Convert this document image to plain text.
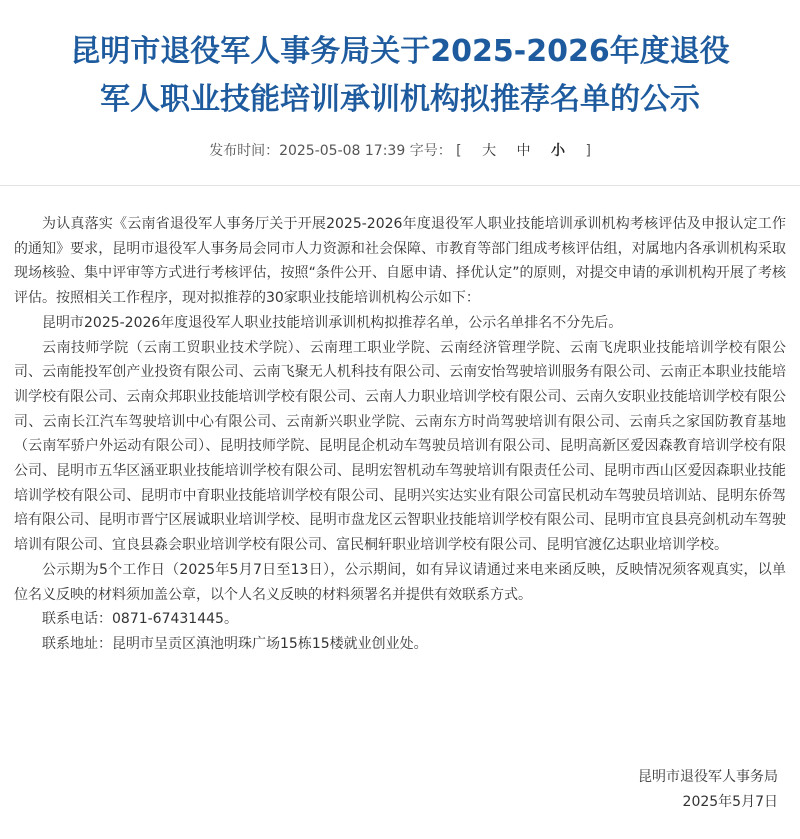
昆明市退役军人事务局关于2025-2026年度退役
军人职业技能培训承训机构拟推荐名单的公示
发布时间：2025-05-08 17:39 字号： [ 大 中 小 ]

为认真落实《云南省退役军人事务厅关于开展2025-2026年度退役军人职业技能培训承训机构考核评估及申报认定工作的通知》要求，昆明市退役军人事务局会同市人力资源和社会保障、市教育等部门组成考核评估组，对属地内各承训机构采取现场核验、集中评审等方式进行考核评估，按照“条件公开、自愿申请、择优认定”的原则，对提交申请的承训机构开展了考核评估。按照相关工作程序，现对拟推荐的30家职业技能培训机构公示如下：

昆明市2025-2026年度退役军人职业技能培训承训机构拟推荐名单，公示名单排名不分先后。

云南技师学院（云南工贸职业技术学院）、云南理工职业学院、云南经济管理学院、云南飞虎职业技能培训学校有限公司、云南能投军创产业投资有限公司、云南飞聚无人机科技有限公司、云南安怡驾驶培训服务有限公司、云南正本职业技能培训学校有限公司、云南众邦职业技能培训学校有限公司、云南人力职业培训学校有限公司、云南久安职业技能培训学校有限公司、云南长江汽车驾驶培训中心有限公司、云南新兴职业学院、云南东方时尚驾驶培训有限公司、云南兵之家国防教育基地（云南军骄户外运动有限公司）、昆明技师学院、昆明昆企机动车驾驶员培训有限公司、昆明高新区爱因森教育培训学校有限公司、昆明市五华区涵亚职业技能培训学校有限公司、昆明宏智机动车驾驶培训有限责任公司、昆明市西山区爱因森职业技能培训学校有限公司、昆明市中育职业技能培训学校有限公司、昆明兴实达实业有限公司富民机动车驾驶员培训站、昆明东侨驾培有限公司、昆明市晋宁区展诚职业培训学校、昆明市盘龙区云智职业技能培训学校有限公司、昆明市宜良县亮剑机动车驾驶培训有限公司、宜良县淼会职业培训学校有限公司、富民桐轩职业培训学校有限公司、昆明官渡亿达职业培训学校。

公示期为5个工作日（2025年5月7日至13日），公示期间，如有异议请通过来电来函反映，反映情况须客观真实，以单位名义反映的材料须加盖公章，以个人名义反映的材料须署名并提供有效联系方式。

联系电话：0871-67431445。

联系地址：昆明市呈贡区滇池明珠广场15栋15楼就业创业处。

昆明市退役军人事务局
2025年5月7日
